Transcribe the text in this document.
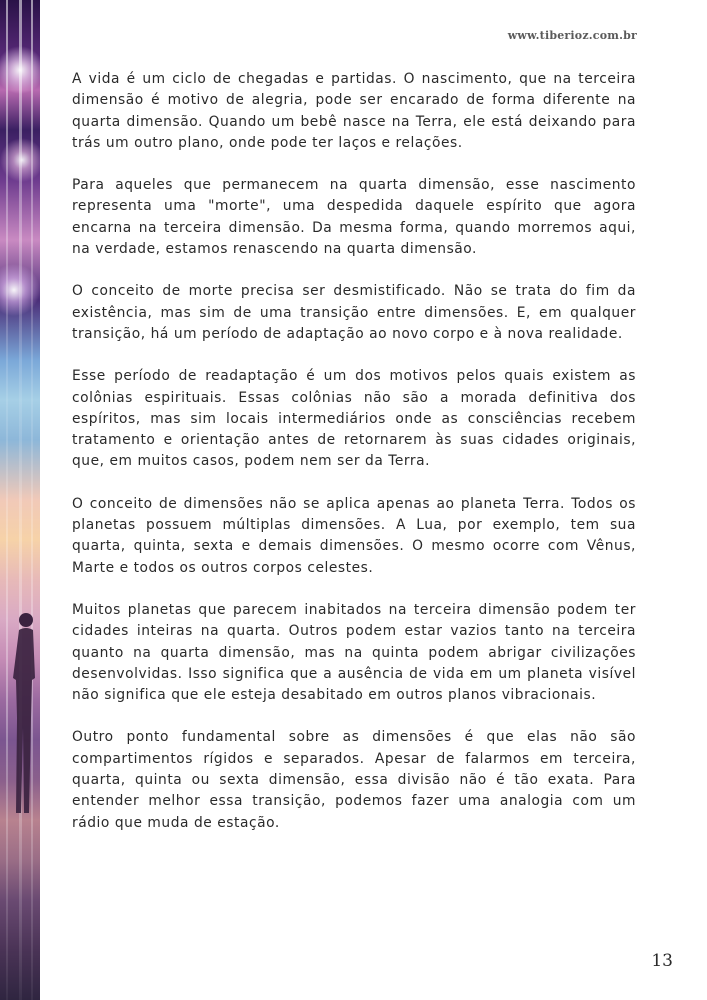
www.tiberioz.com.br

A vida é um ciclo de chegadas e partidas. O nascimento, que na terceira dimensão é motivo de alegria, pode ser encarado de forma diferente na quarta dimensão. Quando um bebê nasce na Terra, ele está deixando para trás um outro plano, onde pode ter laços e relações.

Para aqueles que permanecem na quarta dimensão, esse nascimento representa uma "morte", uma despedida daquele espírito que agora encarna na terceira dimensão. Da mesma forma, quando morremos aqui, na verdade, estamos renascendo na quarta dimensão.

O conceito de morte precisa ser desmistificado. Não se trata do fim da existência, mas sim de uma transição entre dimensões. E, em qualquer transição, há um período de adaptação ao novo corpo e à nova realidade.

Esse período de readaptação é um dos motivos pelos quais existem as colônias espirituais. Essas colônias não são a morada definitiva dos espíritos, mas sim locais intermediários onde as consciências recebem tratamento e orientação antes de retornarem às suas cidades originais, que, em muitos casos, podem nem ser da Terra.

O conceito de dimensões não se aplica apenas ao planeta Terra. Todos os planetas possuem múltiplas dimensões. A Lua, por exemplo, tem sua quarta, quinta, sexta e demais dimensões. O mesmo ocorre com Vênus, Marte e todos os outros corpos celestes.

Muitos planetas que parecem inabitados na terceira dimensão podem ter cidades inteiras na quarta. Outros podem estar vazios tanto na terceira quanto na quarta dimensão, mas na quinta podem abrigar civilizações desenvolvidas. Isso significa que a ausência de vida em um planeta visível não significa que ele esteja desabitado em outros planos vibracionais.

Outro ponto fundamental sobre as dimensões é que elas não são compartimentos rígidos e separados. Apesar de falarmos em terceira, quarta, quinta ou sexta dimensão, essa divisão não é tão exata. Para entender melhor essa transição, podemos fazer uma analogia com um rádio que muda de estação.

13
